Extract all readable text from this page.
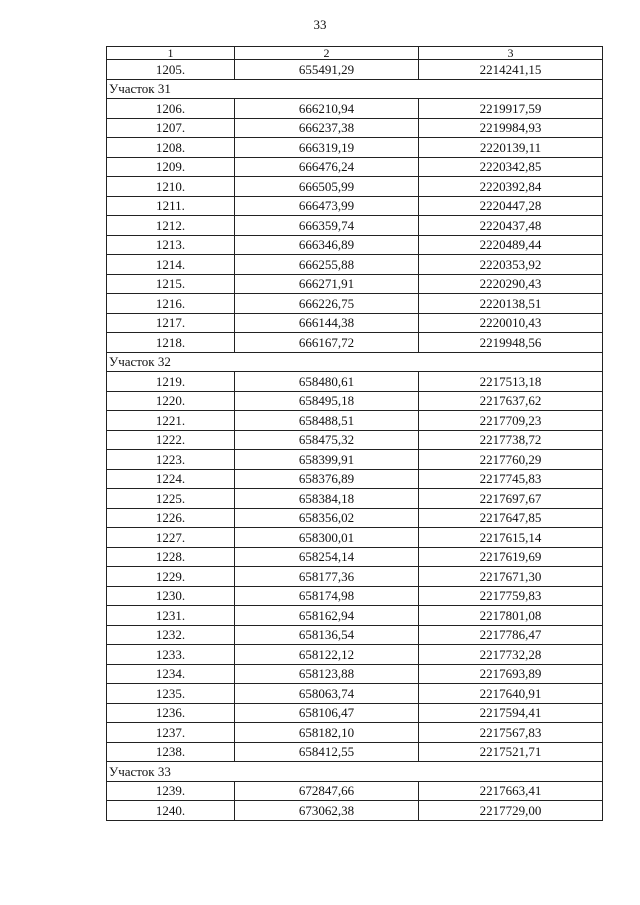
33
1	2	3
1205.	655491,29	2214241,15
Участок 31		
1206.	666210,94	2219917,59
1207.	666237,38	2219984,93
1208.	666319,19	2220139,11
1209.	666476,24	2220342,85
1210.	666505,99	2220392,84
1211.	666473,99	2220447,28
1212.	666359,74	2220437,48
1213.	666346,89	2220489,44
1214.	666255,88	2220353,92
1215.	666271,91	2220290,43
1216.	666226,75	2220138,51
1217.	666144,38	2220010,43
1218.	666167,72	2219948,56
Участок 32		
1219.	658480,61	2217513,18
1220.	658495,18	2217637,62
1221.	658488,51	2217709,23
1222.	658475,32	2217738,72
1223.	658399,91	2217760,29
1224.	658376,89	2217745,83
1225.	658384,18	2217697,67
1226.	658356,02	2217647,85
1227.	658300,01	2217615,14
1228.	658254,14	2217619,69
1229.	658177,36	2217671,30
1230.	658174,98	2217759,83
1231.	658162,94	2217801,08
1232.	658136,54	2217786,47
1233.	658122,12	2217732,28
1234.	658123,88	2217693,89
1235.	658063,74	2217640,91
1236.	658106,47	2217594,41
1237.	658182,10	2217567,83
1238.	658412,55	2217521,71
Участок 33		
1239.	672847,66	2217663,41
1240.	673062,38	2217729,00
